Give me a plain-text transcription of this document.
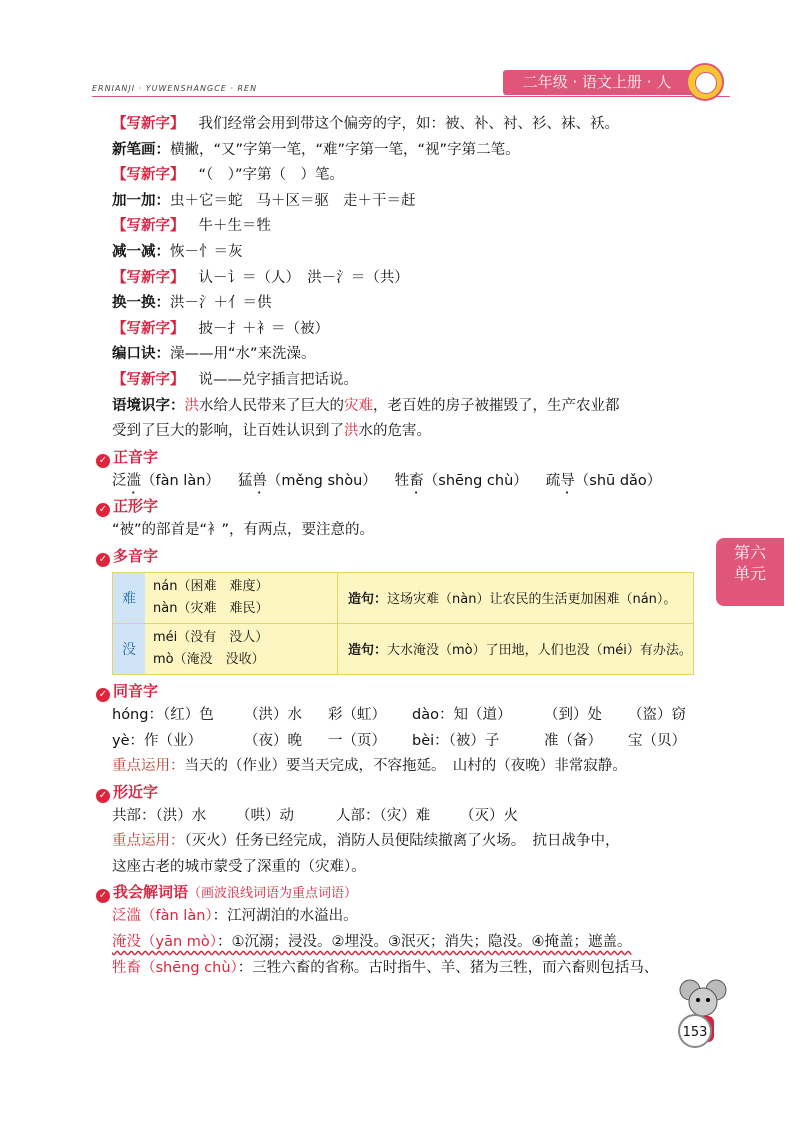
ERNIANJI · YUWENSHANGCE · REN	二年级 · 语文上册 · 人
第六单元
【写新字】 我们经常会用到带这个偏旁的字，如：被、补、衬、衫、袜、袄。
新笔画：横撇，“又”字第一笔，“难”字第一笔，“视”字第二笔。
【写新字】 “（　）”字第（　）笔。
加一加：虫＋它＝蛇 马＋区＝驱 走＋干＝赶
【写新字】 牛＋生＝牲
减一减：恢－忄＝灰
【写新字】 认－讠＝（人）　洪－氵＝（共）
换一换：洪－氵＋亻＝供
【写新字】 披－扌＋衤＝（被）
编口诀：澡——用“水”来洗澡。
【写新字】 说——兑字插言把话说。
语境识字：洪水给人民带来了巨大的灾难，老百姓的房子被摧毁了，生产农业都
受到了巨大的影响，让百姓认识到了洪水的危害。
✓ 正音字
泛滥（fàn làn） 猛兽（měng shòu） 牲畜（shēng chù） 疏导（shū dǎo）
✓ 正形字
“被”的部首是“衤”，有两点，要注意的。
✓ 多音字
难
nán（困难　难度）
nàn（灾难　难民）
造句： 这场灾难（nàn）让农民的生活更加困难（nán）。
没
méi（没有　没人）
mò（淹没　没收）
造句： 大水淹没（mò）了田地，人们也没（méi）有办法。
✓ 同音字
hóng：（红）色 （洪）水 彩（虹） dào：知（道） （到）处 （盗）窃
yè：作（业）	（夜）晚 一（页） bèi：（被）子	准（备） 宝（贝）
重点运用：当天的（作业）要当天完成，不容拖延。　山村的（夜晚）非常寂静。
✓ 形近字
共部：（洪）水 （哄）动	人部：（灾）难 （灭）火
重点运用：（灭火）任务已经完成，消防人员便陆续撤离了火场。　抗日战争中，
这座古老的城市蒙受了深重的（灾难）。
✓ 我会解词语（画波浪线词语为重点词语）
泛滥（fàn làn）：江河湖泊的水溢出。
淹没（yān mò）：①沉溺；浸没。②埋没。③泯灭；消失；隐没。④掩盖；遮盖。
牲畜（shēng chù）：三牲六畜的省称。古时指牛、羊、猪为三牲，而六畜则包括马、
153
